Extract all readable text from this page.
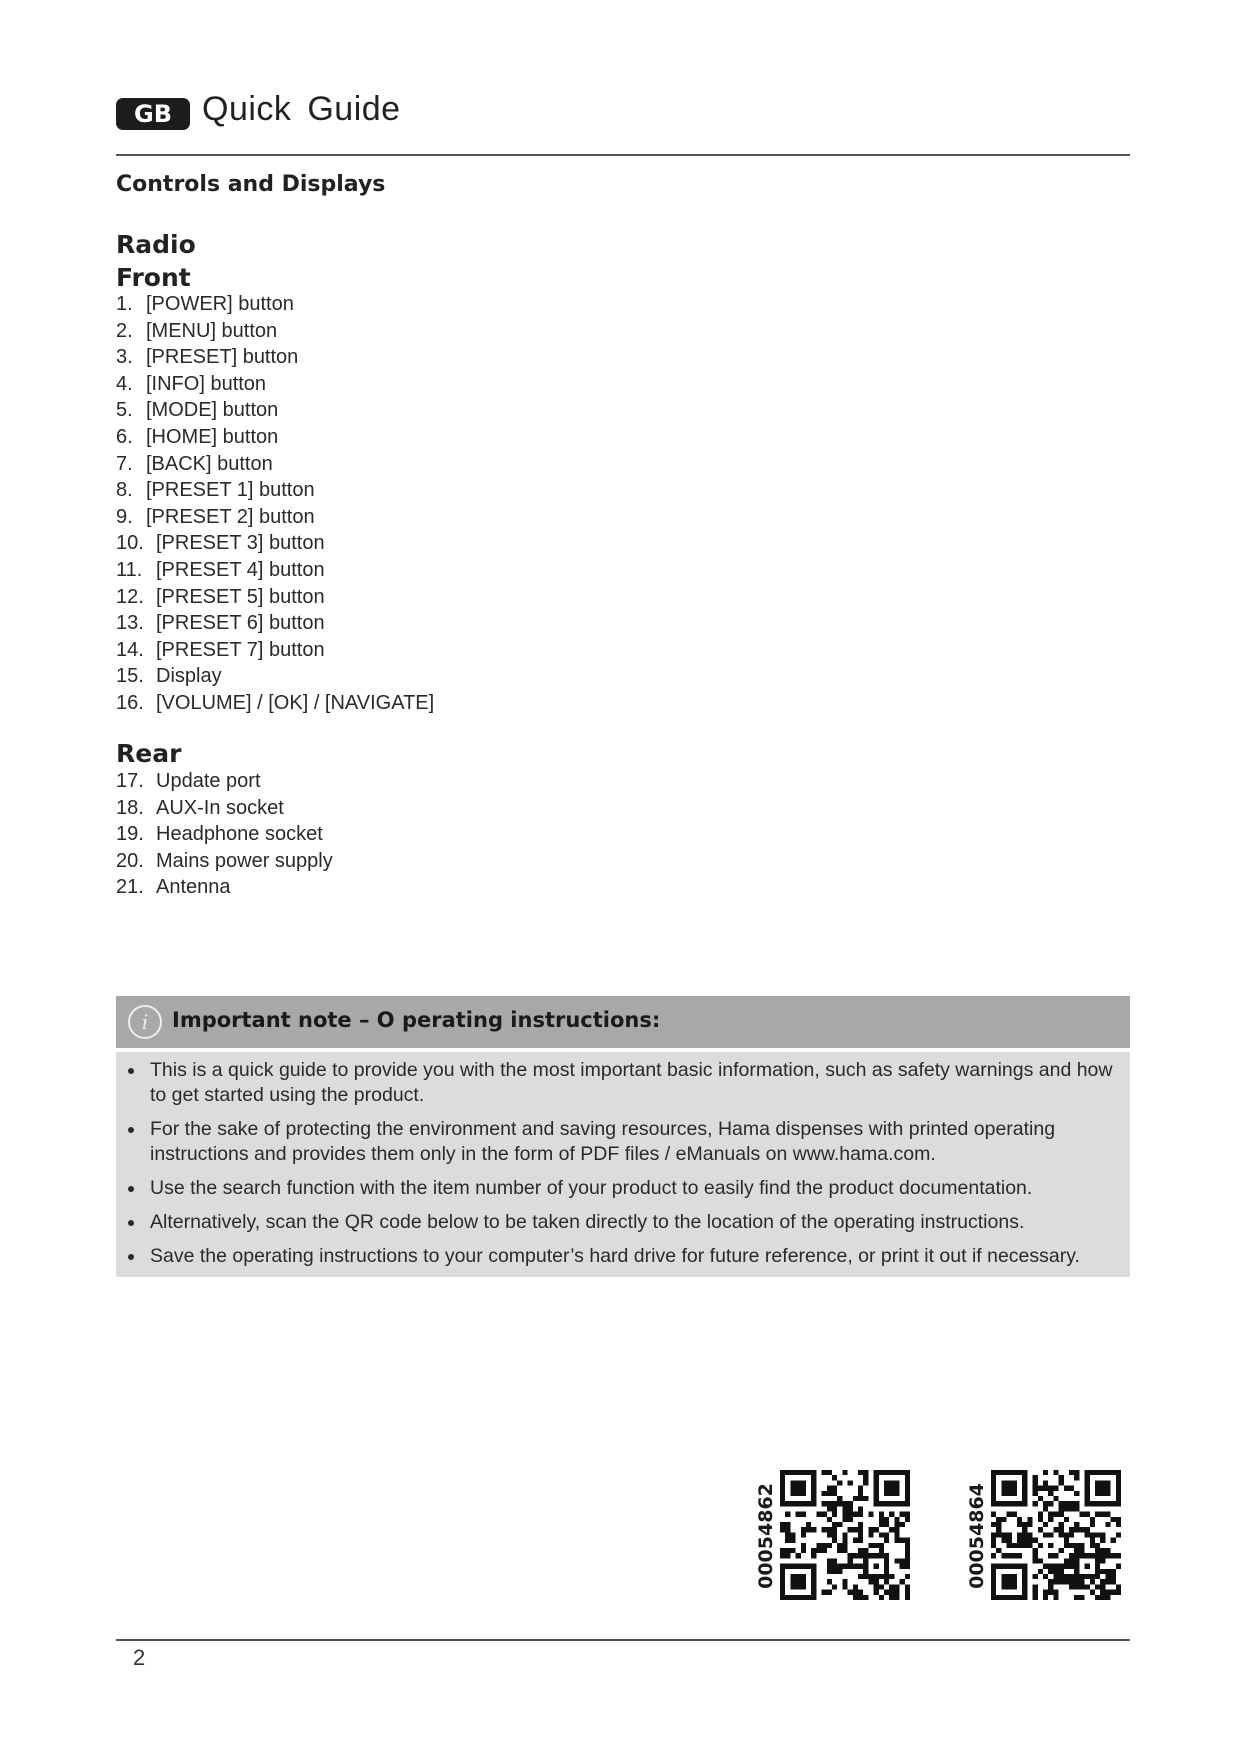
GB Quick Guide
Controls and Displays
Radio
Front
1. [POWER] button
2. [MENU] button
3. [PRESET] button
4. [INFO] button
5. [MODE] button
6. [HOME] button
7. [BACK] button
8. [PRESET 1] button
9. [PRESET 2] button
10. [PRESET 3] button
11. [PRESET 4] button
12. [PRESET 5] button
13. [PRESET 6] button
14. [PRESET 7] button
15. Display
16. [VOLUME] / [OK] / [NAVIGATE]
Rear
17. Update port
18. AUX-In socket
19. Headphone socket
20. Mains power supply
21. Antenna
i	Important note – O perating instructions:
• This is a quick guide to provide you with the most important basic information, such as safety warnings and how to get started using the product.
• For the sake of protecting the environment and saving resources, Hama dispenses with printed operating instructions and provides them only in the form of PDF files / eManuals on www.hama.com.
• Use the search function with the item number of your product to easily find the product documentation.
• Alternatively, scan the QR code below to be taken directly to the location of the operating instructions.
• Save the operating instructions to your computer’s hard drive for future reference, or print it out if necessary.
00054862	00054864
2
